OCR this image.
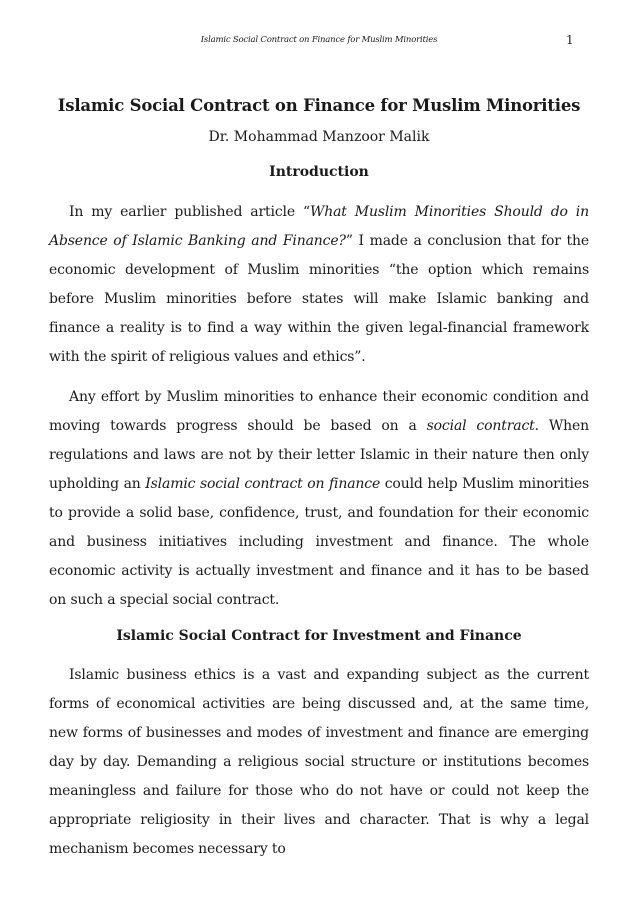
Islamic Social Contract on Finance for Muslim Minorities	1
Islamic Social Contract on Finance for Muslim Minorities
Dr. Mohammad Manzoor Malik
Introduction

In my earlier published article “What Muslim Minorities Should do in Absence of Islamic Banking and Finance?” I made a conclusion that for the economic development of Muslim minorities “the option which remains before Muslim minorities before states will make Islamic banking and finance a reality is to find a way within the given legal-financial framework with the spirit of religious values and ethics”.

Any effort by Muslim minorities to enhance their economic condition and moving towards progress should be based on a social contract. When regulations and laws are not by their letter Islamic in their nature then only upholding an Islamic social contract on finance could help Muslim minorities to provide a solid base, confidence, trust, and foundation for their economic and business initiatives including investment and finance. The whole economic activity is actually investment and finance and it has to be based on such a special social contract.

Islamic Social Contract for Investment and Finance

Islamic business ethics is a vast and expanding subject as the current forms of economical activities are being discussed and, at the same time, new forms of businesses and modes of investment and finance are emerging day by day. Demanding a religious social structure or institutions becomes meaningless and failure for those who do not have or could not keep the appropriate religiosity in their lives and character. That is why a legal mechanism becomes necessary to
